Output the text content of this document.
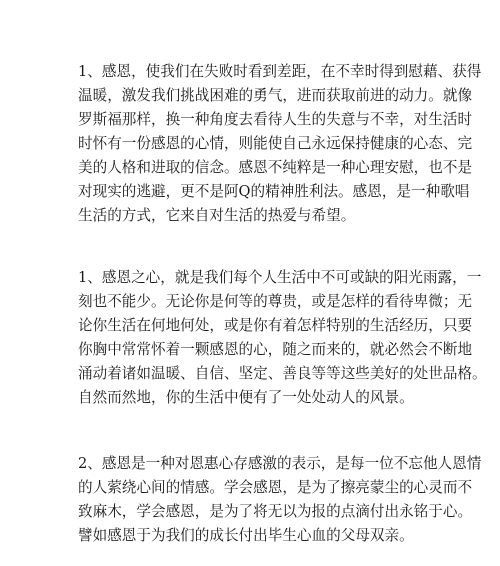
1、感恩，使我们在失败时看到差距，在不幸时得到慰藉、获得
温暖，激发我们挑战困难的勇气，进而获取前进的动力。就像
罗斯福那样，换一种角度去看待人生的失意与不幸，对生活时
时怀有一份感恩的心情，则能使自己永远保持健康的心态、完
美的人格和进取的信念。感恩不纯粹是一种心理安慰，也不是
对现实的逃避，更不是阿Q的精神胜利法。感恩，是一种歌唱
生活的方式，它来自对生活的热爱与希望。
1、感恩之心，就是我们每个人生活中不可或缺的阳光雨露，一
刻也不能少。无论你是何等的尊贵，或是怎样的看待卑微；无
论你生活在何地何处，或是你有着怎样特别的生活经历，只要
你胸中常常怀着一颗感恩的心，随之而来的，就必然会不断地
涌动着诸如温暖、自信、坚定、善良等等这些美好的处世品格。
自然而然地，你的生活中便有了一处处动人的风景。
2、感恩是一种对恩惠心存感激的表示，是每一位不忘他人恩情
的人萦绕心间的情感。学会感恩，是为了擦亮蒙尘的心灵而不
致麻木，学会感恩，是为了将无以为报的点滴付出永铭于心。
譬如感恩于为我们的成长付出毕生心血的父母双亲。
